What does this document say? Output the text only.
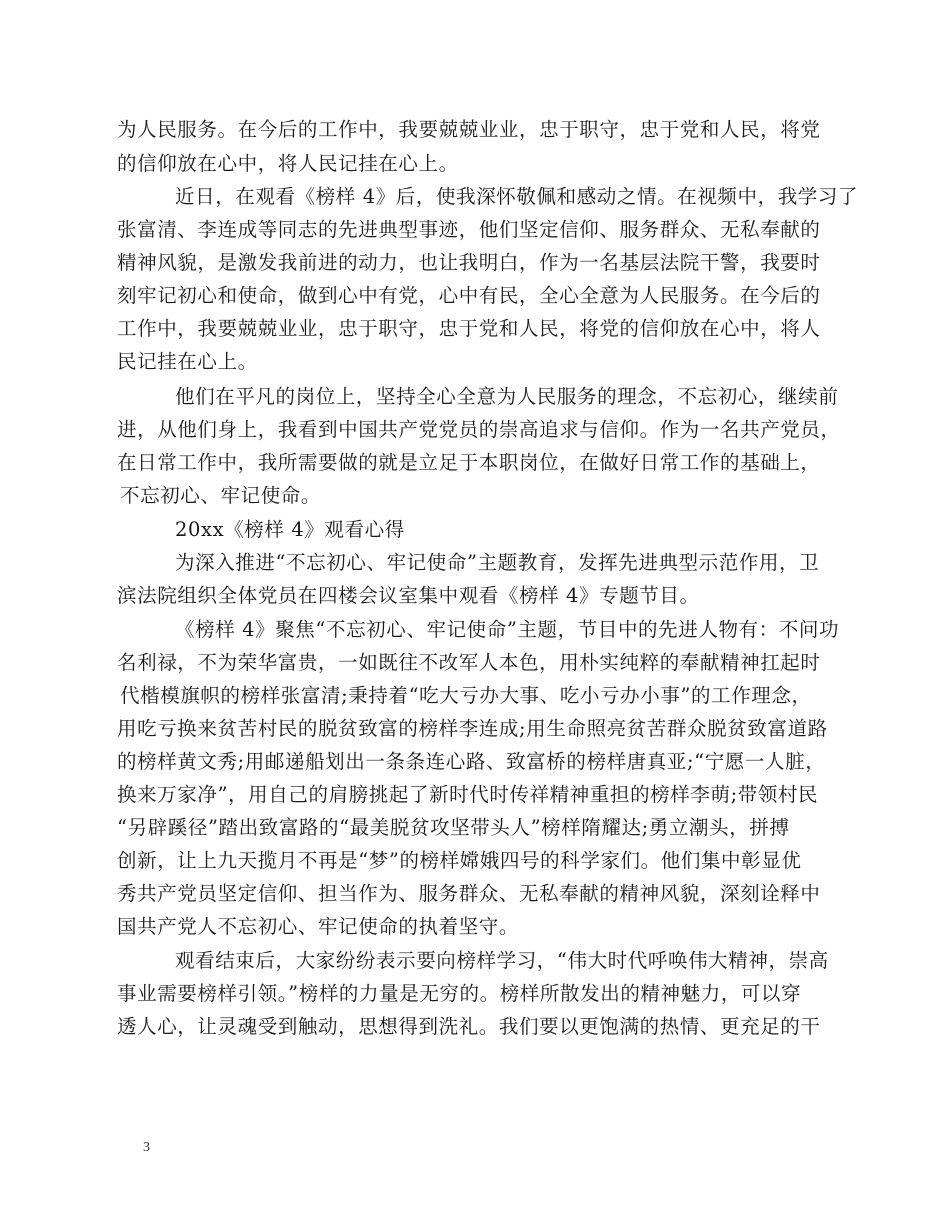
为人民服务。在今后的工作中，我要兢兢业业，忠于职守，忠于党和人民，将党
的信仰放在心中，将人民记挂在心上。
近日，在观看《榜样 4》后，使我深怀敬佩和感动之情。在视频中，我学习了
张富清、李连成等同志的先进典型事迹，他们坚定信仰、服务群众、无私奉献的
精神风貌，是激发我前进的动力，也让我明白，作为一名基层法院干警，我要时
刻牢记初心和使命，做到心中有党，心中有民，全心全意为人民服务。在今后的
工作中，我要兢兢业业，忠于职守，忠于党和人民，将党的信仰放在心中，将人
民记挂在心上。
他们在平凡的岗位上，坚持全心全意为人民服务的理念，不忘初心，继续前
进，从他们身上，我看到中国共产党党员的崇高追求与信仰。作为一名共产党员，
在日常工作中，我所需要做的就是立足于本职岗位，在做好日常工作的基础上，
不忘初心、牢记使命。
20xx《榜样 4》观看心得
为深入推进“不忘初心、牢记使命”主题教育，发挥先进典型示范作用，卫
滨法院组织全体党员在四楼会议室集中观看《榜样 4》专题节目。
《榜样 4》聚焦“不忘初心、牢记使命”主题，节目中的先进人物有：不问功
名利禄，不为荣华富贵，一如既往不改军人本色，用朴实纯粹的奉献精神扛起时
代楷模旗帜的榜样张富清;秉持着“吃大亏办大事、吃小亏办小事”的工作理念，
用吃亏换来贫苦村民的脱贫致富的榜样李连成;用生命照亮贫苦群众脱贫致富道路
的榜样黄文秀;用邮递船划出一条条连心路、致富桥的榜样唐真亚;“宁愿一人脏，
换来万家净”，用自己的肩膀挑起了新时代时传祥精神重担的榜样李萌;带领村民
“另辟蹊径”踏出致富路的“最美脱贫攻坚带头人”榜样隋耀达;勇立潮头，拼搏
创新，让上九天揽月不再是“梦”的榜样嫦娥四号的科学家们。他们集中彰显优
秀共产党员坚定信仰、担当作为、服务群众、无私奉献的精神风貌，深刻诠释中
国共产党人不忘初心、牢记使命的执着坚守。
观看结束后，大家纷纷表示要向榜样学习，“伟大时代呼唤伟大精神，崇高
事业需要榜样引领。”榜样的力量是无穷的。榜样所散发出的精神魅力，可以穿
透人心，让灵魂受到触动，思想得到洗礼。我们要以更饱满的热情、更充足的干
3
